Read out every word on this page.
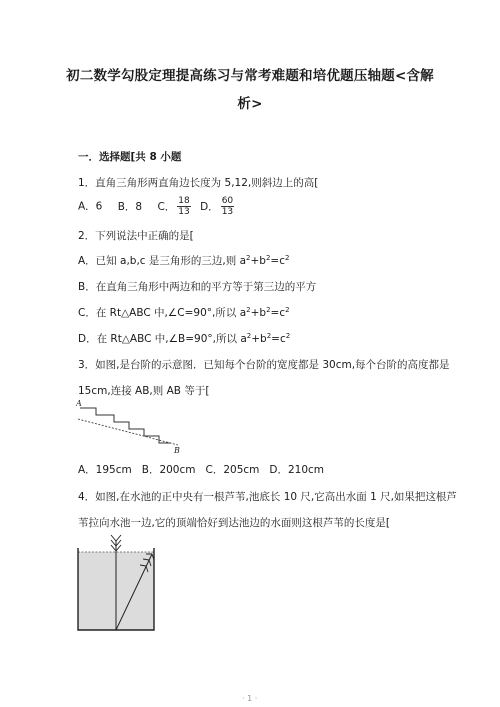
初二数学勾股定理提高练习与常考难题和培优题压轴题<含解
析>
一．选择题[共 8 小题
1．直角三角形两直角边长度为 5,12,则斜边上的高[
A．6 B．8 C． $\frac{18}{13}$ D． $\frac{60}{13}$
2．下列说法中正确的是[
A．已知 a,b,c 是三角形的三边,则 $a^2+b^2=c^2$
B．在直角三角形中两边和的平方等于第三边的平方
C．在 Rt△ABC 中,∠C=90°,所以 $a^2+b^2=c^2$
D．在 Rt△ABC 中,∠B=90°,所以 $a^2+b^2=c^2$
3．如图,是台阶的示意图．已知每个台阶的宽度都是 30cm,每个台阶的高度都是
15cm,连接 AB,则 AB 等于[
A
B
A．195cm   B．200cm   C．205cm   D．210cm
4．如图,在水池的正中央有一根芦苇,池底长 10 尺,它高出水面 1 尺,如果把这根芦
苇拉向水池一边,它的顶端恰好到达池边的水面则这根芦苇的长度是[
· 1 ·
